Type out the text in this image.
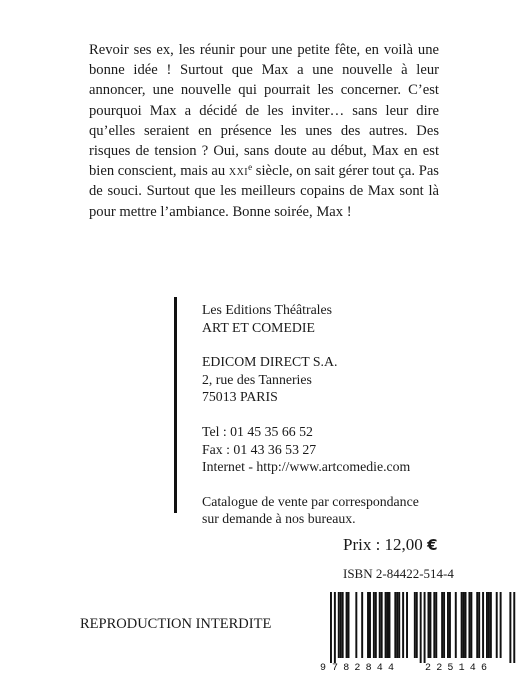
Revoir ses ex, les réunir pour une petite fête, en voilà une bonne idée ! Surtout que Max a une nouvelle à leur annoncer, une nouvelle qui pourrait les concerner. C’est pourquoi Max a décidé de les inviter… sans leur dire qu’elles seraient en présence les unes des autres. Des risques de tension ? Oui, sans doute au début, Max en est bien conscient, mais au xxi$^e$ siècle, on sait gérer tout ça. Pas de souci. Surtout que les meilleurs copains de Max sont là pour mettre l’ambiance. Bonne soirée, Max !

Les Editions Théâtrales
ART ET COMEDIE
EDICOM DIRECT S.A.
2, rue des Tanneries
75013 PARIS
Tel : 01 45 35 66 52
Fax : 01 43 36 53 27
Internet - http://www.artcomedie.com
Catalogue de vente par correspondance
sur demande à nos bureaux.
Prix : 12,00 €
ISBN 2-84422-514-4
REPRODUCTION INTERDITE
9 782844	225146
